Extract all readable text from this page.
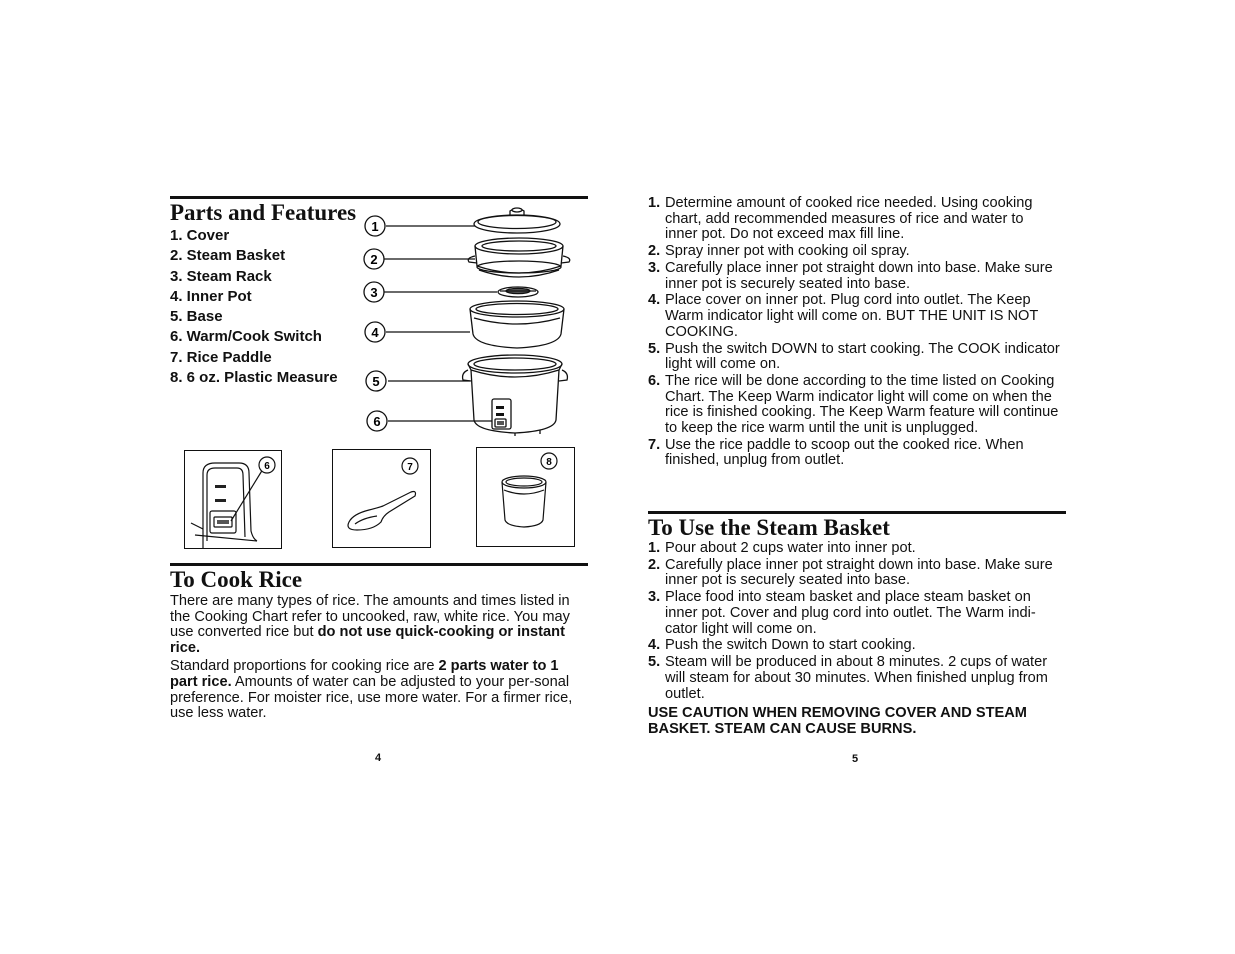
Parts and Features
1. Cover
2. Steam Basket
3. Steam Rack
4. Inner Pot
5. Base
6. Warm/Cook Switch
7. Rice Paddle
8. 6 oz. Plastic Measure
1
2
3
4
5
6
6	7	8
To Cook Rice

There are many types of rice. The amounts and times listed in the Cooking Chart refer to uncooked, raw, white rice. You may use converted rice but do not use quick-cooking or instant rice.

Standard proportions for cooking rice are 2 parts water to 1 part rice. Amounts of water can be adjusted to your per-sonal preference. For moister rice, use more water. For a firmer rice, use less water.

4
1. Determine amount of cooked rice needed. Using cooking chart, add recommended measures of rice and water to inner pot. Do not exceed max fill line.
2. Spray inner pot with cooking oil spray.
3. Carefully place inner pot straight down into base. Make sure inner pot is securely seated into base.
4. Place cover on inner pot. Plug cord into outlet. The Keep Warm indicator light will come on. BUT THE UNIT IS NOT COOKING.
5. Push the switch DOWN to start cooking. The COOK indicator light will come on.
6. The rice will be done according to the time listed on Cooking Chart. The Keep Warm indicator light will come on when the rice is finished cooking. The Keep Warm feature will continue to keep the rice warm until the unit is unplugged.
7. Use the rice paddle to scoop out the cooked rice. When finished, unplug from outlet.
To Use the Steam Basket
1. Pour about 2 cups water into inner pot.
2. Carefully place inner pot straight down into base. Make sure inner pot is securely seated into base.
3. Place food into steam basket and place steam basket on inner pot. Cover and plug cord into outlet. The Warm indi-cator light will come on.
4. Push the switch Down to start cooking.
5. Steam will be produced in about 8 minutes. 2 cups of water will steam for about 30 minutes. When finished unplug from outlet.
USE CAUTION WHEN REMOVING COVER AND STEAM BASKET. STEAM CAN CAUSE BURNS.
5
